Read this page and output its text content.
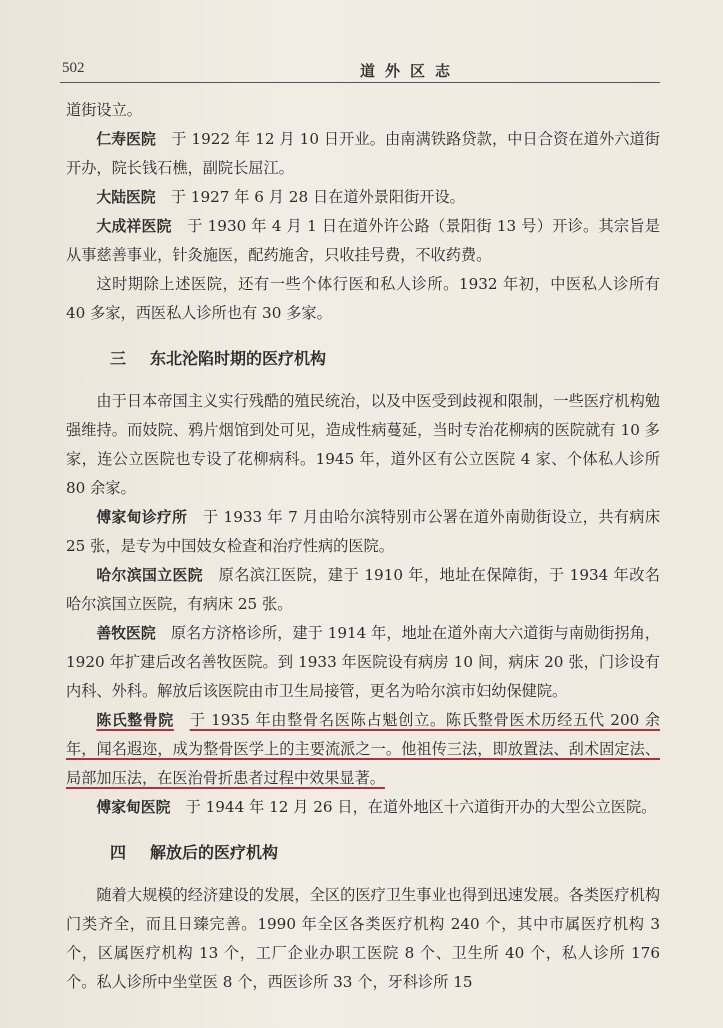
502	道外区志

道街设立。

仁寿医院　 于 1922 年 12 月 10 日开业。由南满铁路贷款，中日合资在道外六道街开办，院长钱石樵，副院长屈江。

大陆医院　 于 1927 年 6 月 28 日在道外景阳街开设。

大成祥医院　 于 1930 年 4 月 1 日在道外许公路（景阳街 13 号）开诊。其宗旨是从事慈善事业，针灸施医，配药施舍，只收挂号费，不收药费。

这时期除上述医院，还有一些个体行医和私人诊所。1932 年初，中医私人诊所有 40 多家，西医私人诊所也有 30 多家。

三 东北沦陷时期的医疗机构

由于日本帝国主义实行残酷的殖民统治，以及中医受到歧视和限制，一些医疗机构勉强维持。而妓院、鸦片烟馆到处可见，造成性病蔓延，当时专治花柳病的医院就有 10 多家，连公立医院也专设了花柳病科。1945 年，道外区有公立医院 4 家、个体私人诊所 80 余家。

傅家甸诊疗所　 于 1933 年 7 月由哈尔滨特别市公署在道外南勋街设立，共有病床 25 张，是专为中国妓女检查和治疗性病的医院。

哈尔滨国立医院　 原名滨江医院，建于 1910 年，地址在保障街，于 1934 年改名哈尔滨国立医院，有病床 25 张。

善牧医院　 原名方济格诊所，建于 1914 年，地址在道外南大六道街与南勋街拐角，1920 年扩建后改名善牧医院。到 1933 年医院设有病房 10 间，病床 20 张，门诊设有内科、外科。解放后该医院由市卫生局接管，更名为哈尔滨市妇幼保健院。

陈氏整骨院　 于 1935 年由整骨名医陈占魁创立。陈氏整骨医术历经五代 200 余年，闻名遐迩，成为整骨医学上的主要流派之一。他祖传三法，即放置法、刮术固定法、局部加压法，在医治骨折患者过程中效果显著。

傅家甸医院　 于 1944 年 12 月 26 日，在道外地区十六道街开办的大型公立医院。

四 解放后的医疗机构

随着大规模的经济建设的发展，全区的医疗卫生事业也得到迅速发展。各类医疗机构门类齐全，而且日臻完善。1990 年全区各类医疗机构 240 个，其中市属医疗机构 3 个，区属医疗机构 13 个，工厂企业办职工医院 8 个、卫生所 40 个，私人诊所 176 个。私人诊所中坐堂医 8 个，西医诊所 33 个，牙科诊所 15
